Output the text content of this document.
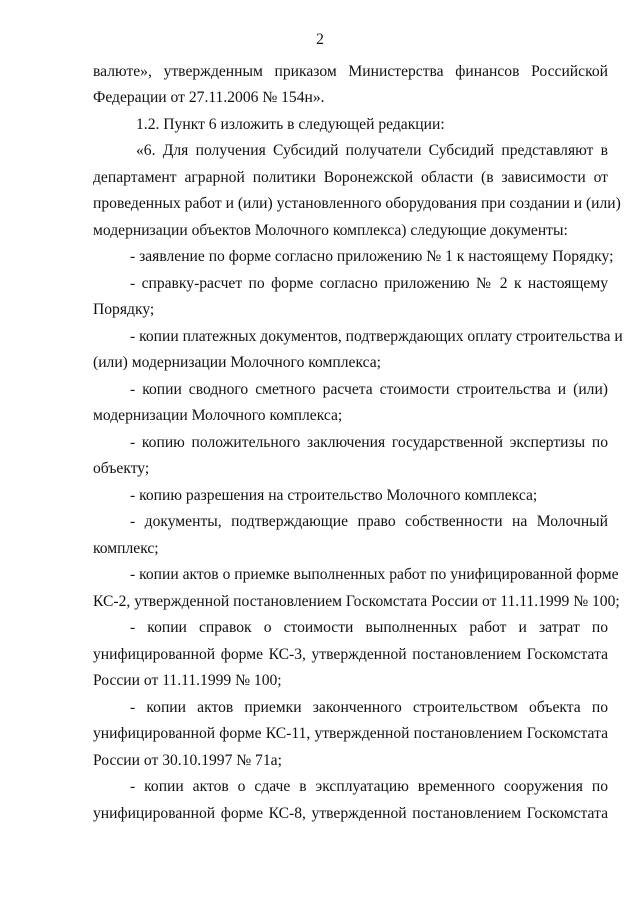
2
валюте», утвержденным приказом Министерства финансов Российской
Федерации от 27.11.2006 № 154н».
1.2. Пункт 6 изложить в следующей редакции:
«6. Для получения Субсидий получатели Субсидий представляют в
департамент аграрной политики Воронежской области (в зависимости от
проведенных работ и (или) установленного оборудования при создании и (или)
модернизации объектов Молочного комплекса) следующие документы:
- заявление по форме согласно приложению № 1 к настоящему Порядку;
- справку-расчет по форме согласно приложению № 2 к настоящему
Порядку;
- копии платежных документов, подтверждающих оплату строительства и
(или) модернизации Молочного комплекса;
- копии сводного сметного расчета стоимости строительства и (или)
модернизации Молочного комплекса;
- копию положительного заключения государственной экспертизы по
объекту;
- копию разрешения на строительство Молочного комплекса;
- документы, подтверждающие право собственности на Молочный
комплекс;
- копии актов о приемке выполненных работ по унифицированной форме
КС-2, утвержденной постановлением Госкомстата России от 11.11.1999 № 100;
- копии справок о стоимости выполненных работ и затрат по
унифицированной форме КС-3, утвержденной постановлением Госкомстата
России от 11.11.1999 № 100;
- копии актов приемки законченного строительством объекта по
унифицированной форме КС-11, утвержденной постановлением Госкомстата
России от 30.10.1997 № 71а;
- копии актов о сдаче в эксплуатацию временного сооружения по
унифицированной форме КС-8, утвержденной постановлением Госкомстата
